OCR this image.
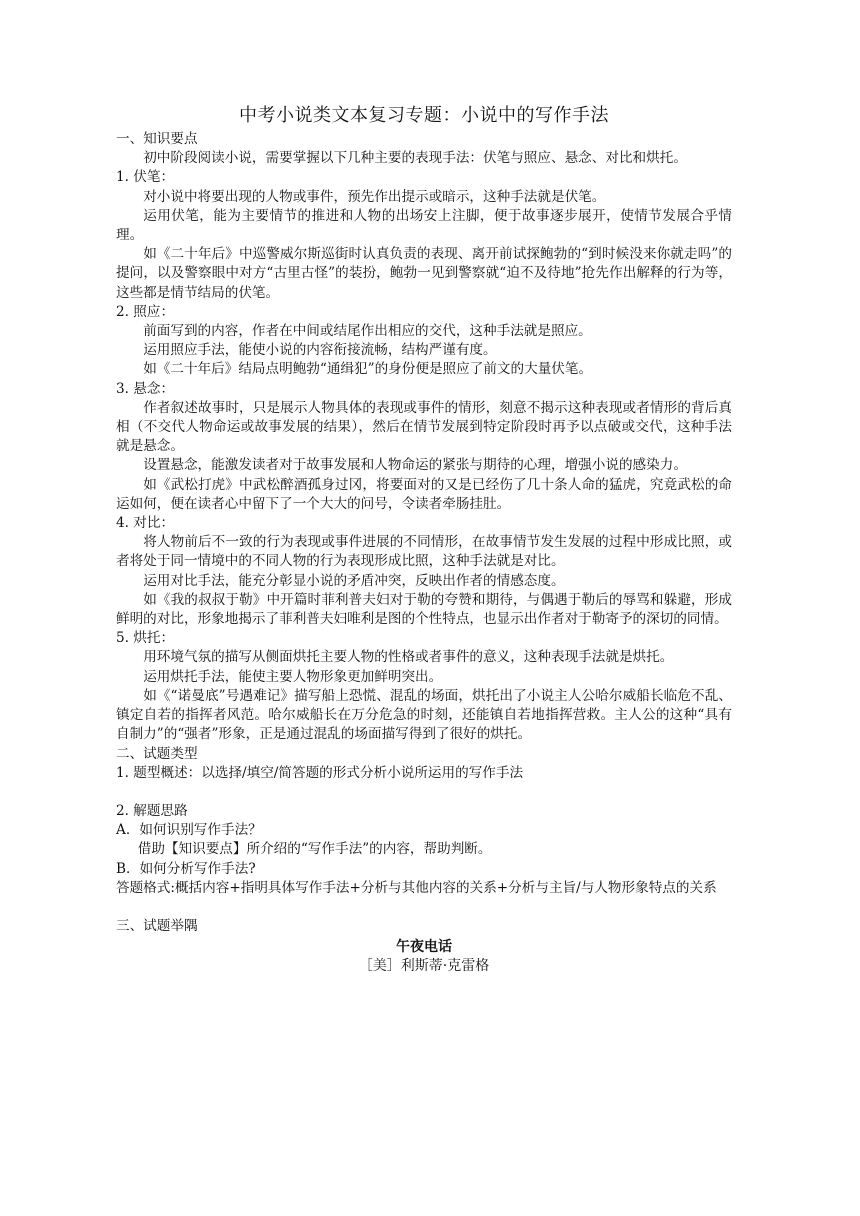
中考小说类文本复习专题：小说中的写作手法
一、知识要点
初中阶段阅读小说，需要掌握以下几种主要的表现手法：伏笔与照应、悬念、对比和烘托。
1. 伏笔：
对小说中将要出现的人物或事件，预先作出提示或暗示，这种手法就是伏笔。
运用伏笔，能为主要情节的推进和人物的出场安上注脚，便于故事逐步展开，使情节发展合乎情理。
如《二十年后》中巡警威尔斯巡街时认真负责的表现、离开前试探鲍勃的“到时候没来你就走吗”的提问，以及警察眼中对方“古里古怪”的装扮，鲍勃一见到警察就“迫不及待地”抢先作出解释的行为等，这些都是情节结局的伏笔。
2. 照应：
前面写到的内容，作者在中间或结尾作出相应的交代，这种手法就是照应。
运用照应手法，能使小说的内容衔接流畅，结构严谨有度。
如《二十年后》结局点明鲍勃“通缉犯”的身份便是照应了前文的大量伏笔。
3. 悬念：
作者叙述故事时，只是展示人物具体的表现或事件的情形，刻意不揭示这种表现或者情形的背后真相（不交代人物命运或故事发展的结果），然后在情节发展到特定阶段时再予以点破或交代，这种手法就是悬念。
设置悬念，能激发读者对于故事发展和人物命运的紧张与期待的心理，增强小说的感染力。
如《武松打虎》中武松醉酒孤身过冈，将要面对的又是已经伤了几十条人命的猛虎，究竟武松的命运如何，便在读者心中留下了一个大大的问号，令读者牵肠挂肚。
4. 对比：
将人物前后不一致的行为表现或事件进展的不同情形，在故事情节发生发展的过程中形成比照，或者将处于同一情境中的不同人物的行为表现形成比照，这种手法就是对比。
运用对比手法，能充分彰显小说的矛盾冲突，反映出作者的情感态度。
如《我的叔叔于勒》中开篇时菲利普夫妇对于勒的夸赞和期待，与偶遇于勒后的辱骂和躲避，形成鲜明的对比，形象地揭示了菲利普夫妇唯利是图的个性特点，也显示出作者对于勒寄予的深切的同情。
5. 烘托：
用环境气氛的描写从侧面烘托主要人物的性格或者事件的意义，这种表现手法就是烘托。
运用烘托手法，能使主要人物形象更加鲜明突出。
如《“诺曼底”号遇难记》描写船上恐慌、混乱的场面，烘托出了小说主人公哈尔威船长临危不乱、镇定自若的指挥者风范。哈尔威船长在万分危急的时刻，还能镇自若地指挥营救。主人公的这种“具有自制力”的“强者”形象，正是通过混乱的场面描写得到了很好的烘托。
二、试题类型
1. 题型概述：以选择/填空/简答题的形式分析小说所运用的写作手法
2. 解题思路
A．如何识别写作手法？
借助【知识要点】所介绍的“写作手法”的内容，帮助判断。
B．如何分析写作手法?
答题格式:概括内容+指明具体写作手法+分析与其他内容的关系+分析与主旨/与人物形象特点的关系
三、试题举隅
午夜电话
［美］利斯蒂·克雷格
